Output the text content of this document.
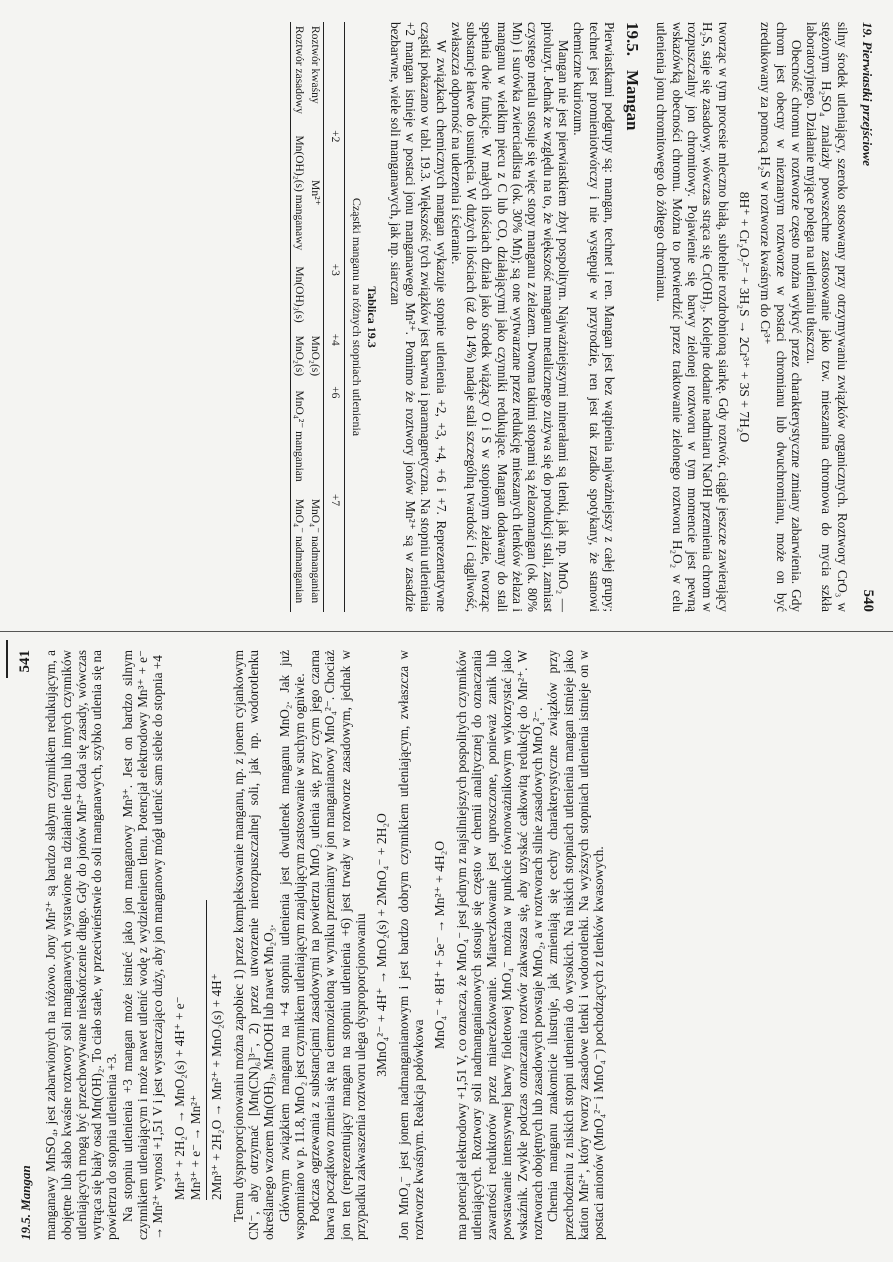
19. Pierwiastki przejściowe
540

silny środek utleniający, szeroko stosowany przy otrzymywaniu związków organicznych. Roztwory CrO₃ w stężonym H₂SO₄ znalazły powszechne zastosowanie jako tzw. mieszanina chromowa do mycia szkła laboratoryjnego. Działanie myjące polega na utlenianiu tłuszczu.

Obecność chromu w roztworze często można wykryć przez charakterystyczne zmiany zabarwienia. Gdy chrom jest obecny w nieznanym roztworze w postaci chromianu lub dwuchromianu, może on być zredukowany za pomocą H₂S w roztworze kwaśnym do Cr³⁺

8H⁺ + Cr₂O₇²⁻ + 3H₂S → 2Cr³⁺ + 3S + 7H₂O

tworząc w tym procesie mleczno białą, subtelnie rozdrobnioną siarkę. Gdy roztwór, ciągle jeszcze zawierający H₂S, staje się zasadowy, wówczas strąca się Cr(OH)₃. Kolejne dodanie nadmiaru NaOH przemienia chrom w rozpuszczalny jon chromitowy. Pojawienie się barwy zielonej roztworu w tym momencie jest pewną wskazówką obecności chromu. Można to potwierdzić przez traktowanie zielonego roztworu H₂O₂ w celu utlenienia jonu chromitowego do żółtego chromianu.

19.5.Mangan

Pierwiastkami podgrupy są: mangan, technet i ren. Mangan jest bez wątpienia najważniejszy z całej grupy; technet jest promieniotwórczy i nie występuje w przyrodzie, ren jest tak rzadko spotykany, że stanowi chemiczne kuriozum.

Mangan nie jest pierwiastkiem zbyt pospolitym. Najważniejszymi minerałami są tlenki, jak np. MnO₂ — piroluzyt. Jednak ze względu na to, że większość manganu metalicznego zużywa się do produkcji stali, zamiast czystego metalu stosuje się więc stopy manganu z żelazem. Dwoma takimi stopami są żelazomangan (ok. 80% Mn) i surówka zwierciadlista (ok. 30% Mn); są one wytwarzane przez redukcję mieszanych tlenków żelaza i manganu w wielkim piecu z C lub CO, działającymi jako czynniki redukujące. Mangan dodawany do stali spełnia dwie funkcje. W małych ilościach działa jako środek wiążący O i S w stopionym żelazie, tworząc substancje łatwe do usunięcia. W dużych ilościach (aż do 14%) nadaje stali szczególną twardość i ciągliwość, zwłaszcza odporność na uderzenia i ścieranie.

W związkach chemicznych mangan wykazuje stopnie utlenienia +2, +3, +4, +6 i +7. Reprezentatywne cząstki pokazano w tabl. 19.3. Większość tych związków jest barwna i paramagnetyczna. Na stopniu utlenienia +2 mangan istnieje w postaci jonu manganawego Mn²⁺. Pomimo że roztwory jonów Mn²⁺ są w zasadzie bezbarwne, wiele soli manganawych, jak np. siarczan

Tablica 19.3
Cząstki manganu na różnych stopniach utlenienia
	+2	+3	+4	+6	+7
Roztwór kwaśny	Mn²⁺		MnO₂(s)		MnO₄⁻ nadmanganian
Roztwór zasadowy	Mn(OH)₂(s) manganawy	Mn(OH)₃(s)	MnO₂(s)	MnO₄²⁻ manganian	MnO₄⁻ nadmanganian
19.5. Mangan
541 manganawy MnSO₄, jest zabarwionych na różowo. Jony Mn²⁺ są bardzo słabym czynnikiem redukującym, a obojętne lub słabo kwaśne roztwory soli manganawych wystawione na działanie tlenu lub innych czynników utleniających mogą być przechowywane nieskończenie długo. Gdy do jonów Mn²⁺ doda się zasady, wówczas wytrąca się biały osad Mn(OH)₂. To ciało stałe, w przeciwieństwie do soli manganawych, szybko utlenia się na powietrzu do stopnia utlenienia +3. Na stopniu utlenienia +3 mangan może istnieć jako jon manganowy Mn³⁺. Jest on bardzo silnym czynnikiem utleniającym i może nawet utlenić wodę z wydzieleniem tlenu. Potencjał elektrodowy Mn³⁺ + e⁻ → Mn²⁺ wynosi +1,51 V i jest wystarczająco duży, aby jon manganowy mógł utlenić sam siebie do stopnia +4 Mn³⁺ + 2H₂O → MnO₂(s) + 4H⁺ + e⁻ Mn³⁺ + e⁻ → Mn²⁺ 2Mn³⁺ + 2H₂O → Mn²⁺ + MnO₂(s) + 4H⁺ Temu dysproporcjonowaniu można zapobiec 1) przez kompleksowanie manganu, np. z jonem cyjankowym CN⁻, aby otrzymać [Mn(CN)₆]³⁻, 2) przez utworzenie nierozpuszczalnej soli, jak np. wodorotlenku określanego wzorem Mn(OH)₃, MnOOH lub nawet Mn₂O₃. Głównym związkiem manganu na +4 stopniu utlenienia jest dwutlenek manganu MnO₂. Jak już wspomniano w p. 11.8, MnO₂ jest czynnikiem utleniającym znajdującym zastosowanie w suchym ogniwie. Podczas ogrzewania z substancjami zasadowymi na powietrzu MnO₂ utlenia się, przy czym jego czarna barwa początkowo zmienia się na ciemnozieloną w wyniku przemiany w jon manganianowy MnO₄²⁻. Chociaż jon ten (reprezentujący mangan na stopniu utlenienia +6) jest trwały w roztworze zasadowym, jednak w przypadku zakwaszenia roztworu ulega dysproporcjonowaniu 3MnO₄²⁻ + 4H⁺ → MnO₂(s) + 2MnO₄⁻ + 2H₂O Jon MnO₄⁻ jest jonem nadmanganianowym i jest bardzo dobrym czynnikiem utleniającym, zwłaszcza w roztworze kwaśnym. Reakcja połówkowa

MnO₄⁻ + 8H⁺ + 5e⁻ → Mn²⁺ + 4H₂O ma potencjał elektrodowy +1,51 V, co oznacza, że MnO₄⁻ jest jednym z najsilniejszych pospolitych czynników utleniających. Roztwory soli nadmanganianowych stosuje się często w chemii analitycznej do oznaczania zawartości reduktorów przez miareczkowanie. Miareczkowanie jest uproszczone, ponieważ zanik lub powstawanie intensywnej barwy fioletowej MnO₄⁻ można w punkcie równoważnikowym wykorzystać jako wskaźnik. Zwykle podczas oznaczania roztwór zakwasza się, aby uzyskać całkowitą redukcję do Mn²⁺. W roztworach obojętnych lub zasadowych powstaje MnO₂, a w roztworach silnie zasadowych MnO₄²⁻. Chemia manganu znakomicie ilustruje, jak zmieniają się cechy charakterystyczne związków przy przechodzeniu z niskich stopni utlenienia do wysokich. Na niskich stopniach utlenienia mangan istnieje jako kation Mn²⁺, który tworzy zasadowe tlenki i wodorotlenki. Na wyższych stopniach utlenienia istnieje on w postaci anionów (MnO₄²⁻ i MnO₄⁻) pochodzących z tlenków kwasowych.
